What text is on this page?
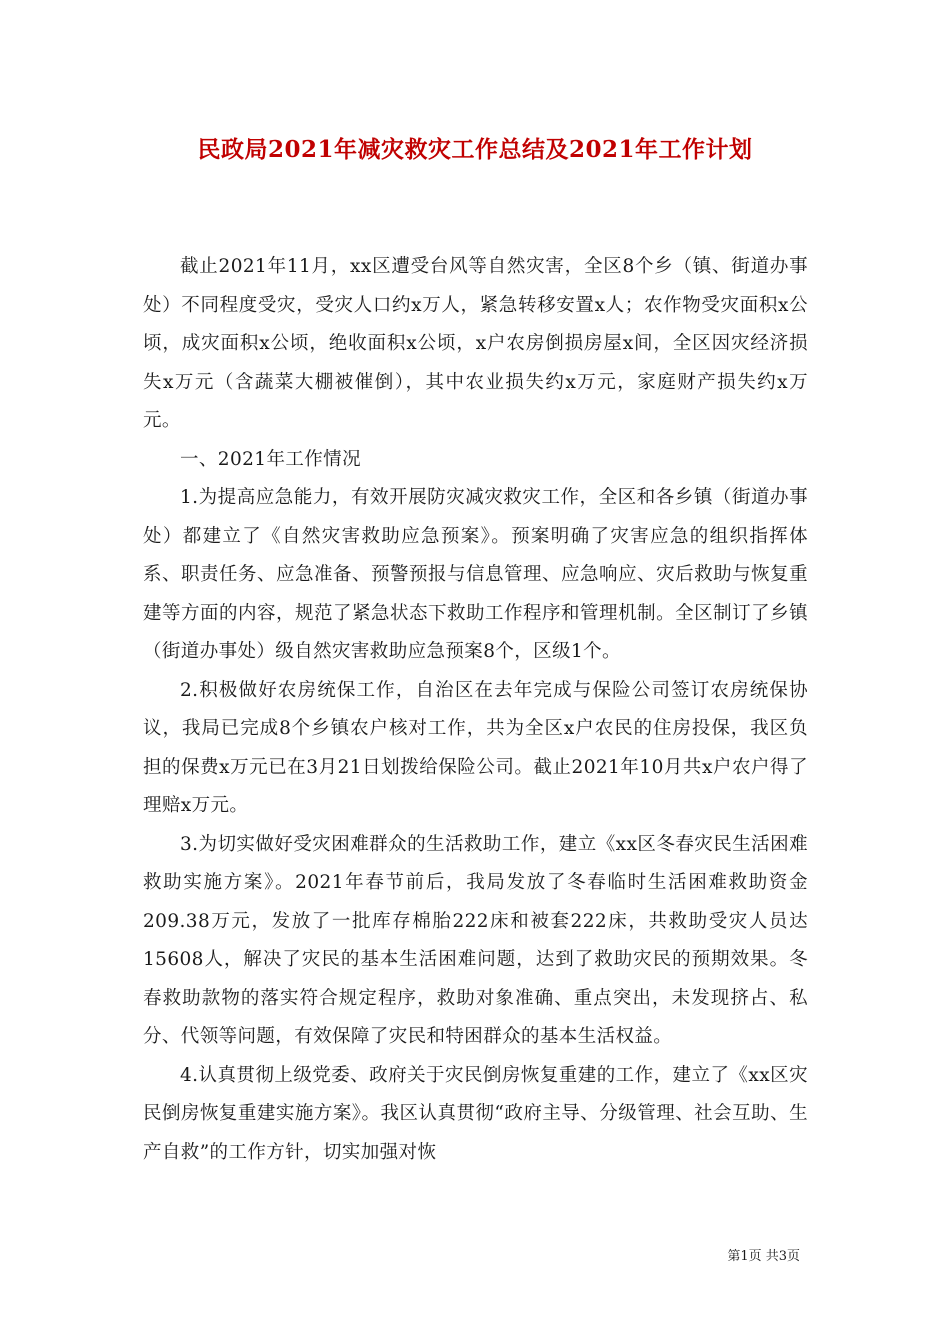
民政局2021年减灾救灾工作总结及2021年工作计划

截止2021年11月，xx区遭受台风等自然灾害，全区8个乡（镇、街道办事处）不同程度受灾，受灾人口约x万人，紧急转移安置x人；农作物受灾面积x公顷，成灾面积x公顷，绝收面积x公顷，x户农房倒损房屋x间，全区因灾经济损失x万元（含蔬菜大棚被催倒），其中农业损失约x万元，家庭财产损失约x万元。

一、2021年工作情况

1.为提高应急能力，有效开展防灾减灾救灾工作，全区和各乡镇（街道办事处）都建立了《自然灾害救助应急预案》。预案明确了灾害应急的组织指挥体系、职责任务、应急准备、预警预报与信息管理、应急响应、灾后救助与恢复重建等方面的内容，规范了紧急状态下救助工作程序和管理机制。全区制订了乡镇（街道办事处）级自然灾害救助应急预案8个，区级1个。

2.积极做好农房统保工作，自治区在去年完成与保险公司签订农房统保协议，我局已完成8个乡镇农户核对工作，共为全区x户农民的住房投保，我区负担的保费x万元已在3月21日划拨给保险公司。截止2021年10月共x户农户得了理赔x万元。

3.为切实做好受灾困难群众的生活救助工作，建立《xx区冬春灾民生活困难救助实施方案》。2021年春节前后，我局发放了冬春临时生活困难救助资金209.38万元，发放了一批库存棉胎222床和被套222床，共救助受灾人员达15608人，解决了灾民的基本生活困难问题，达到了救助灾民的预期效果。冬春救助款物的落实符合规定程序，救助对象准确、重点突出，未发现挤占、私分、代领等问题，有效保障了灾民和特困群众的基本生活权益。

4.认真贯彻上级党委、政府关于灾民倒房恢复重建的工作，建立了《xx区灾民倒房恢复重建实施方案》。我区认真贯彻“政府主导、分级管理、社会互助、生产自救”的工作方针，切实加强对恢

第1页 共3页
